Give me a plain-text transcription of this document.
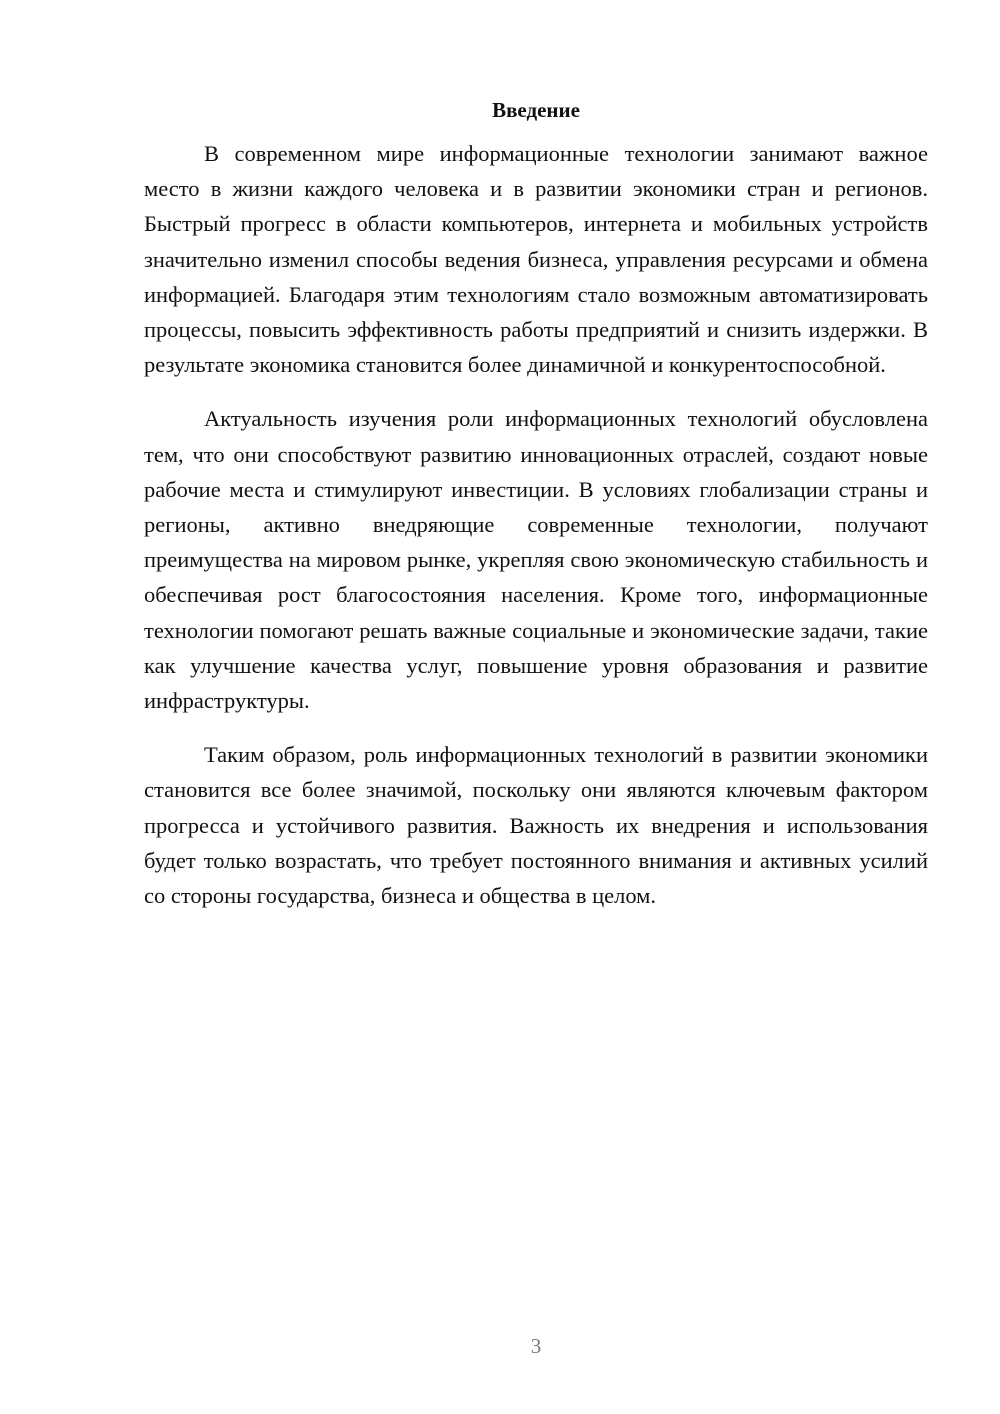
Введение

В современном мире информационные технологии занимают важное место в жизни каждого человека и в развитии экономики стран и регионов. Быстрый прогресс в области компьютеров, интернета и мобильных устройств значительно изменил способы ведения бизнеса, управления ресурсами и обмена информацией. Благодаря этим технологиям стало возможным автоматизировать процессы, повысить эффективность работы предприятий и снизить издержки. В результате экономика становится более динамичной и конкурентоспособной.

Актуальность изучения роли информационных технологий обусловлена тем, что они способствуют развитию инновационных отраслей, создают новые рабочие места и стимулируют инвестиции. В условиях глобализации страны и регионы, активно внедряющие современные технологии, получают преимущества на мировом рынке, укрепляя свою экономическую стабильность и обеспечивая рост благосостояния населения. Кроме того, информационные технологии помогают решать важные социальные и экономические задачи, такие как улучшение качества услуг, повышение уровня образования и развитие инфраструктуры.

Таким образом, роль информационных технологий в развитии экономики становится все более значимой, поскольку они являются ключевым фактором прогресса и устойчивого развития. Важность их внедрения и использования будет только возрастать, что требует постоянного внимания и активных усилий со стороны государства, бизнеса и общества в целом.

3
